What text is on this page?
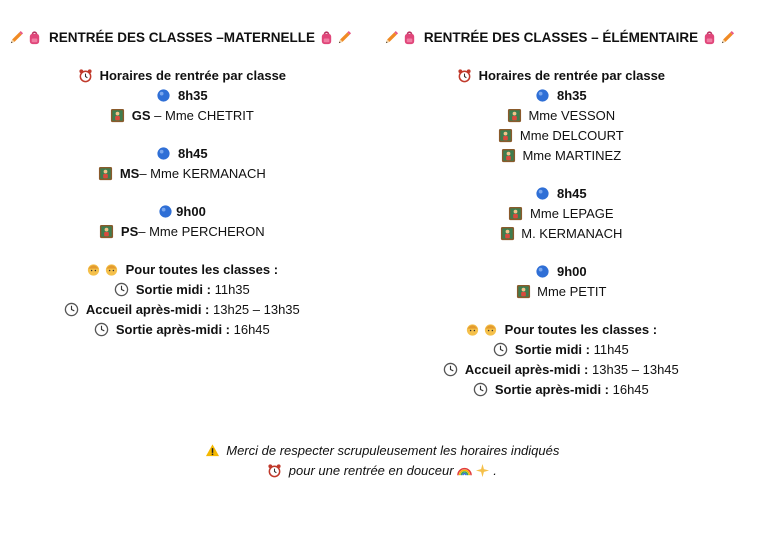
RENTRÉE DES CLASSES –MATERNELLE
Horaires de rentrée par classe
8h35
GS – Mme CHETRIT
8h45
MS– Mme KERMANACH
9h00
PS– Mme PERCHERON
Pour toutes les classes :
Sortie midi : 11h35
Accueil après-midi : 13h25 – 13h35
Sortie après-midi : 16h45
RENTRÉE DES CLASSES – ÉLÉMENTAIRE
Horaires de rentrée par classe
8h35
Mme VESSON
Mme DELCOURT
Mme MARTINEZ
8h45
Mme LEPAGE
M. KERMANACH
9h00
Mme PETIT
Pour toutes les classes :
Sortie midi : 11h45
Accueil après-midi : 13h35 – 13h45
Sortie après-midi : 16h45
Merci de respecter scrupuleusement les horaires indiqués
pour une rentrée en douceur	.
